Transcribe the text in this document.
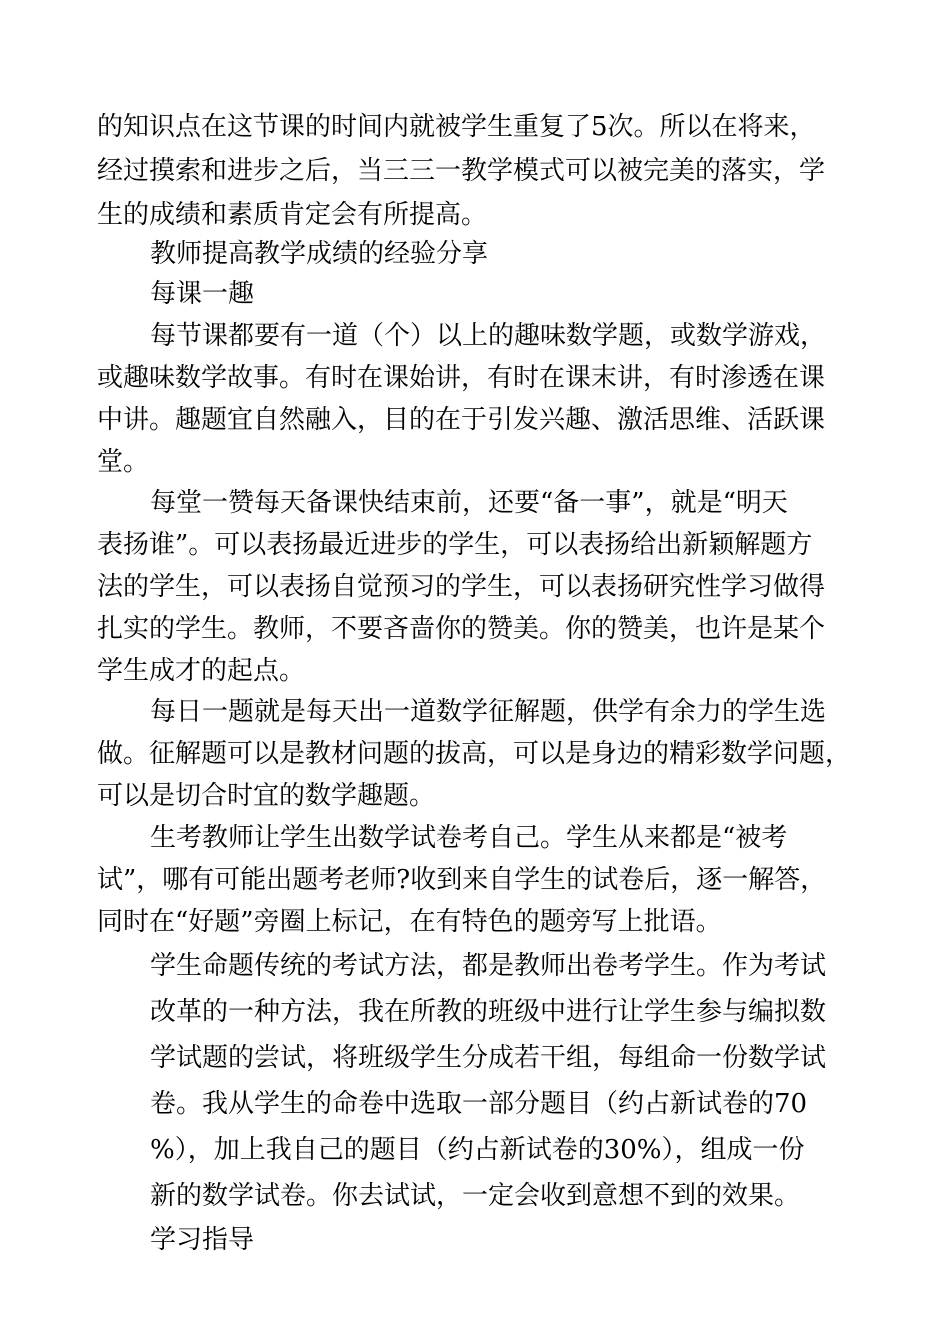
的知识点在这节课的时间内就被学生重复了5次。所以在将来，
经过摸索和进步之后，当三三一教学模式可以被完美的落实，学
生的成绩和素质肯定会有所提高。
教师提高教学成绩的经验分享
每课一趣
每节课都要有一道（个）以上的趣味数学题，或数学游戏，
或趣味数学故事。有时在课始讲，有时在课末讲，有时渗透在课
中讲。趣题宜自然融入，目的在于引发兴趣、激活思维、活跃课
堂。
每堂一赞每天备课快结束前，还要“备一事”，就是“明天
表扬谁”。可以表扬最近进步的学生，可以表扬给出新颖解题方
法的学生，可以表扬自觉预习的学生，可以表扬研究性学习做得
扎实的学生。教师，不要吝啬你的赞美。你的赞美，也许是某个
学生成才的起点。
每日一题就是每天出一道数学征解题，供学有余力的学生选
做。征解题可以是教材问题的拔高，可以是身边的精彩数学问题，
可以是切合时宜的数学趣题。
生考教师让学生出数学试卷考自己。学生从来都是“被考
试”，哪有可能出题考老师?收到来自学生的试卷后，逐一解答，
同时在“好题”旁圈上标记，在有特色的题旁写上批语。
学生命题传统的考试方法，都是教师出卷考学生。作为考试
改革的一种方法，我在所教的班级中进行让学生参与编拟数
学试题的尝试，将班级学生分成若干组，每组命一份数学试
卷。我从学生的命卷中选取一部分题目（约占新试卷的70
%），加上我自己的题目（约占新试卷的30%），组成一份
新的数学试卷。你去试试，一定会收到意想不到的效果。
学习指导
